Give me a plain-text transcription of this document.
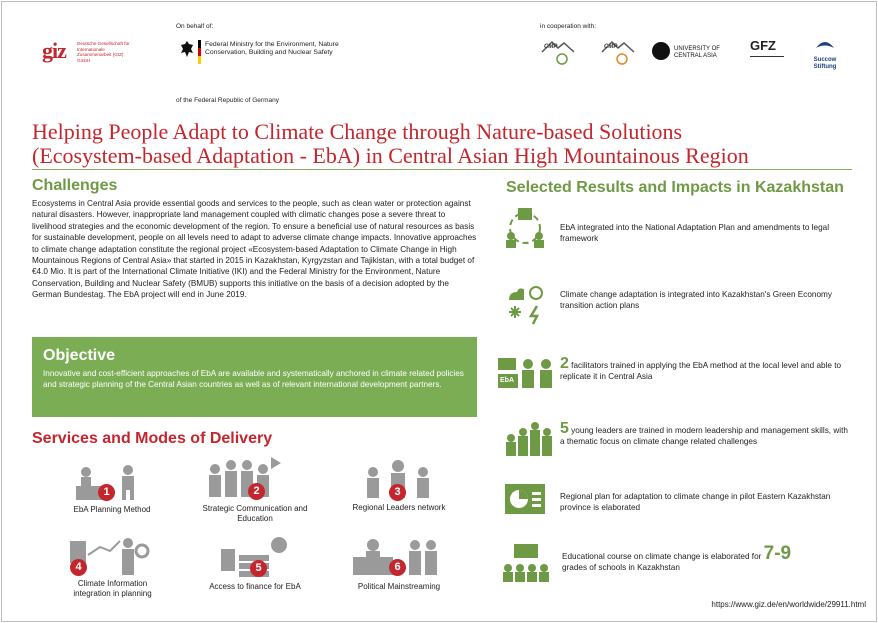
giz Deutsche Gesellschaft für Internationale Zusammenarbeit (GIZ) GmbH
On behalf of:
Federal Ministry for the Environment, Nature Conservation, Building and Nuclear Safety
of the Federal Republic of Germany
in cooperation with:
CMP	CMP	UNIVERSITY OF CENTRAL ASIA
GFZ
Succow Stiftung
Helping People Adapt to Climate Change through Nature-based Solutions
(Ecosystem-based Adaptation - EbA) in Central Asian High Mountainous Region
Challenges
Ecosystems in Central Asia provide essential goods and services to the people, such as clean water or protection against natural disasters. However, inappropriate land management coupled with climatic changes pose a severe threat to livelihood strategies and the economic development of the region. To ensure a beneficial use of natural resources as basis for sustainable development, people on all levels need to adapt to adverse climate change impacts. Innovative approaches to climate change adaptation constitute the regional project «Ecosystem-based Adaptation to Climate Change in High Mountainous Regions of Central Asia» that started in 2015 in Kazakhstan, Kyrgyzstan and Tajikistan, with a total budget of €4.0 Mio. It is part of the International Climate Initiative (IKI) and the Federal Ministry for the Environment, Nature Conservation, Building and Nuclear Safety (BMUB) supports this initiative on the basis of a decision adopted by the German Bundestag. The EbA project will end in June 2019.
Objective

Innovative and cost-efficient approaches of EbA are available and systematically anchored in climate related policies and strategic planning of the Central Asian countries as well as of relevant international development partners.

Services and Modes of Delivery
1
EbA Planning Method
2
Strategic Communication and Education
3
Regional Leaders network
4
Climate Information integration in planning
5
Access to finance for EbA
6
Political Mainstreaming
Selected Results and Impacts in Kazakhstan
EbA integrated into the National Adaptation Plan and amendments to legal framework
Climate change adaptation is integrated into Kazakhstan's Green Economy transition action plans
EbA
2 facilitators trained in applying the EbA method at the local level and able to replicate it in Central Asia
5 young leaders are trained in modern leadership and management skills, with a thematic focus on climate change related challenges
Regional plan for adaptation to climate change in pilot Eastern Kazakhstan province is elaborated
Educational course on climate change is elaborated for 7-9
grades of schools in Kazakhstan
https://www.giz.de/en/worldwide/29911.html
